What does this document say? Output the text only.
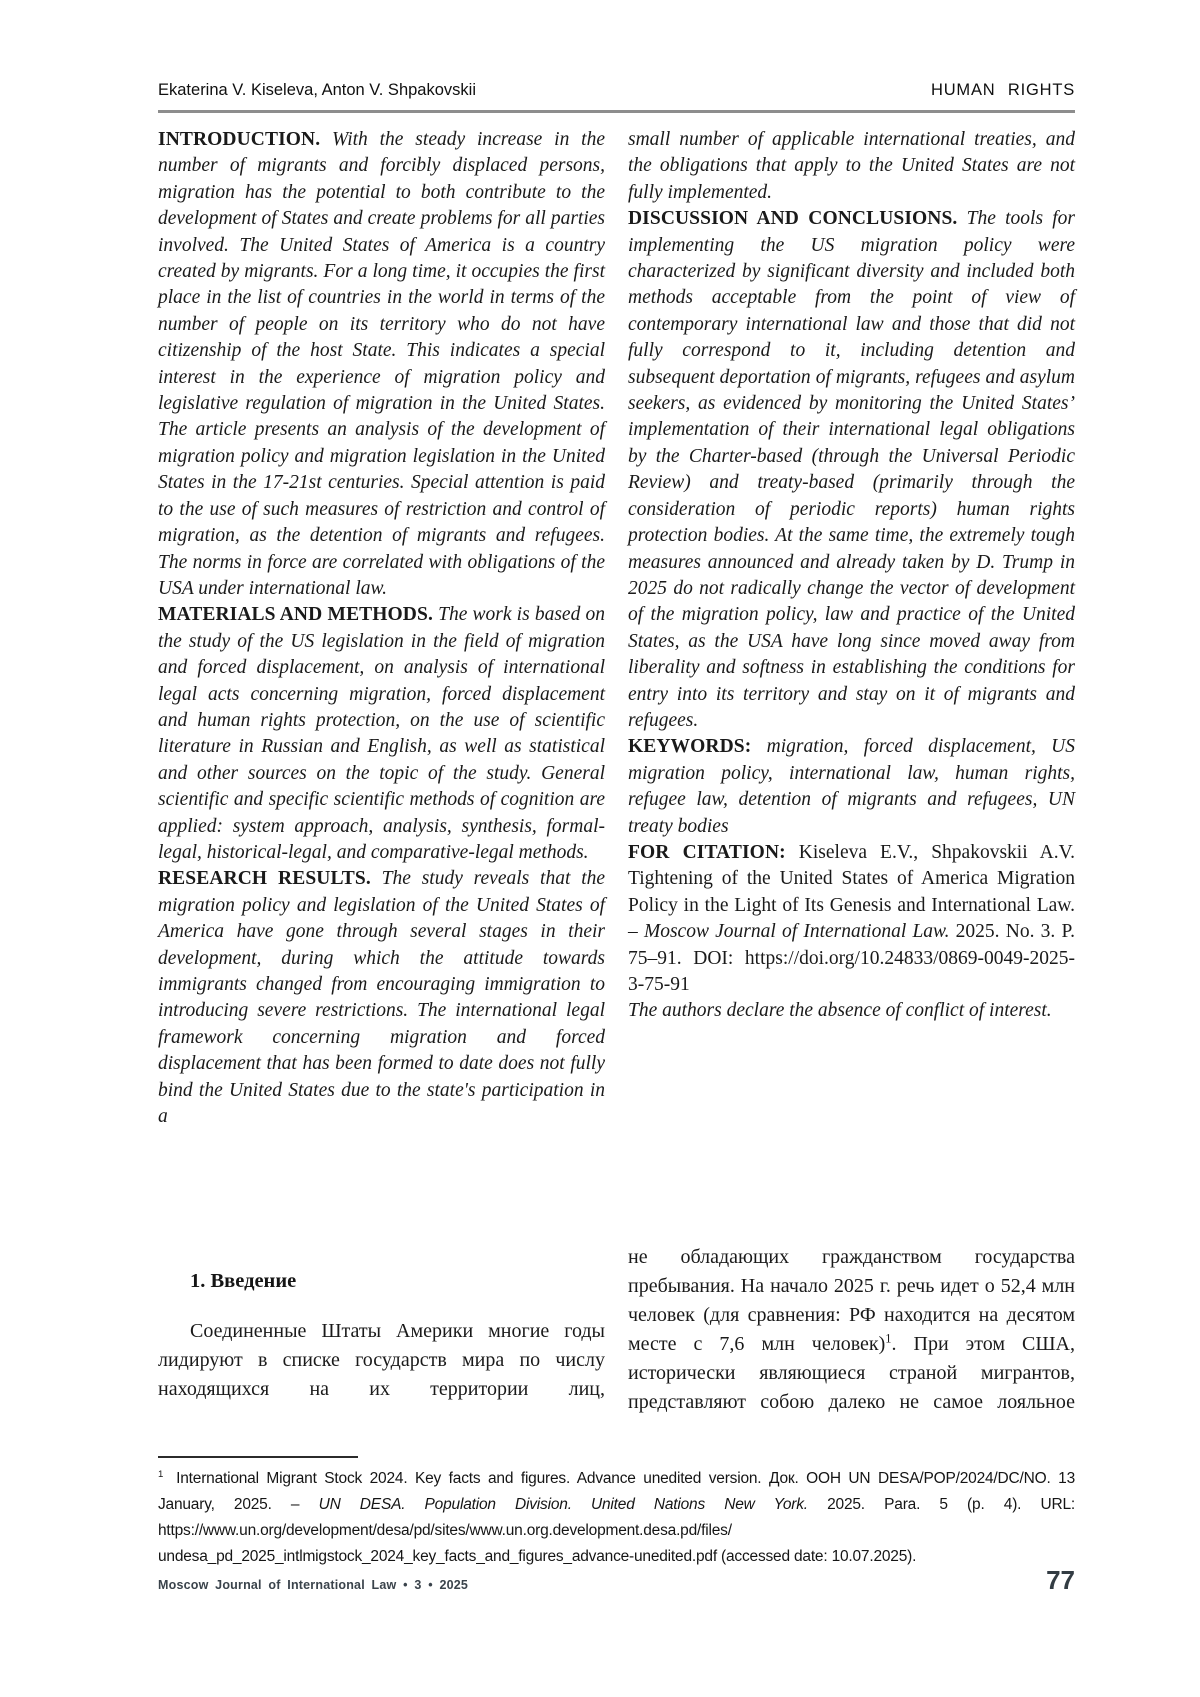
Ekaterina V. Kiseleva, Anton V. Shpakovskii	HUMAN RIGHTS

INTRODUCTION. With the steady increase in the number of migrants and forcibly displaced persons, migration has the potential to both contribute to the development of States and create problems for all parties involved. The United States of America is a country created by migrants. For a long time, it occupies the first place in the list of countries in the world in terms of the number of people on its territory who do not have citizenship of the host State. This indicates a special interest in the experience of migration policy and legislative regulation of migration in the United States. The article presents an analysis of the development of migration policy and migration legislation in the United States in the 17-21st centuries. Special attention is paid to the use of such measures of restriction and control of migration, as the detention of migrants and refugees. The norms in force are correlated with obligations of the USA under international law.

MATERIALS AND METHODS. The work is based on the study of the US legislation in the field of migration and forced displacement, on analysis of international legal acts concerning migration, forced displacement and human rights protection, on the use of scientific literature in Russian and English, as well as statistical and other sources on the topic of the study. General scientific and specific scientific methods of cognition are applied: system approach, analysis, synthesis, formal-legal, historical-legal, and comparative-legal methods.

RESEARCH RESULTS. The study reveals that the migration policy and legislation of the United States of America have gone through several stages in their development, during which the attitude towards immigrants changed from encouraging immigration to introducing severe restrictions. The international legal framework concerning migration and forced displacement that has been formed to date does not fully bind the United States due to the state's participation in a

small number of applicable international treaties, and the obligations that apply to the United States are not fully implemented.

DISCUSSION AND CONCLUSIONS. The tools for implementing the US migration policy were characterized by significant diversity and included both methods acceptable from the point of view of contemporary international law and those that did not fully correspond to it, including detention and subsequent deportation of migrants, refugees and asylum seekers, as evidenced by monitoring the United States’ implementation of their international legal obligations by the Charter-based (through the Universal Periodic Review) and treaty-based (primarily through the consideration of periodic reports) human rights protection bodies. At the same time, the extremely tough measures announced and already taken by D. Trump in 2025 do not radically change the vector of development of the migration policy, law and practice of the United States, as the USA have long since moved away from liberality and softness in establishing the conditions for entry into its territory and stay on it of migrants and refugees.

KEYWORDS: migration, forced displacement, US migration policy, international law, human rights, refugee law, detention of migrants and refugees, UN treaty bodies

FOR CITATION: Kiseleva E.V., Shpakovskii A.V. Tightening of the United States of America Migration Policy in the Light of Its Genesis and International Law. – Moscow Journal of International Law. 2025. No. 3. P. 75–91. DOI: https://doi.org/10.24833/0869-0049-2025-3-75-91

The authors declare the absence of conflict of interest.

1. Введение

Соединенные Штаты Америки многие годы лидируют в списке государств мира по числу находящихся на их территории лиц,

не обладающих гражданством государства пребывания. На начало 2025 г. речь идет о 52,4 млн человек (для сравнения: РФ находится на десятом месте с 7,6 млн человек)$^1$. При этом США, исторически являющиеся страной мигрантов, представляют собою далеко не самое лояльное

$^1$ International Migrant Stock 2024. Key facts and figures. Advance unedited version. Док. ООН UN DESA/POP/2024/DC/NO. 13 January, 2025. – UN DESA. Population Division. United Nations New York. 2025. Para. 5 (p. 4). URL: https://www.un.org/development/desa/pd/sites/www.un.org.development.desa.pd/files/ undesa_pd_2025_intlmigstock_2024_key_facts_and_figures_advance-unedited.pdf (accessed date: 10.07.2025).

Moscow Journal of International Law • 3 • 2025	77
